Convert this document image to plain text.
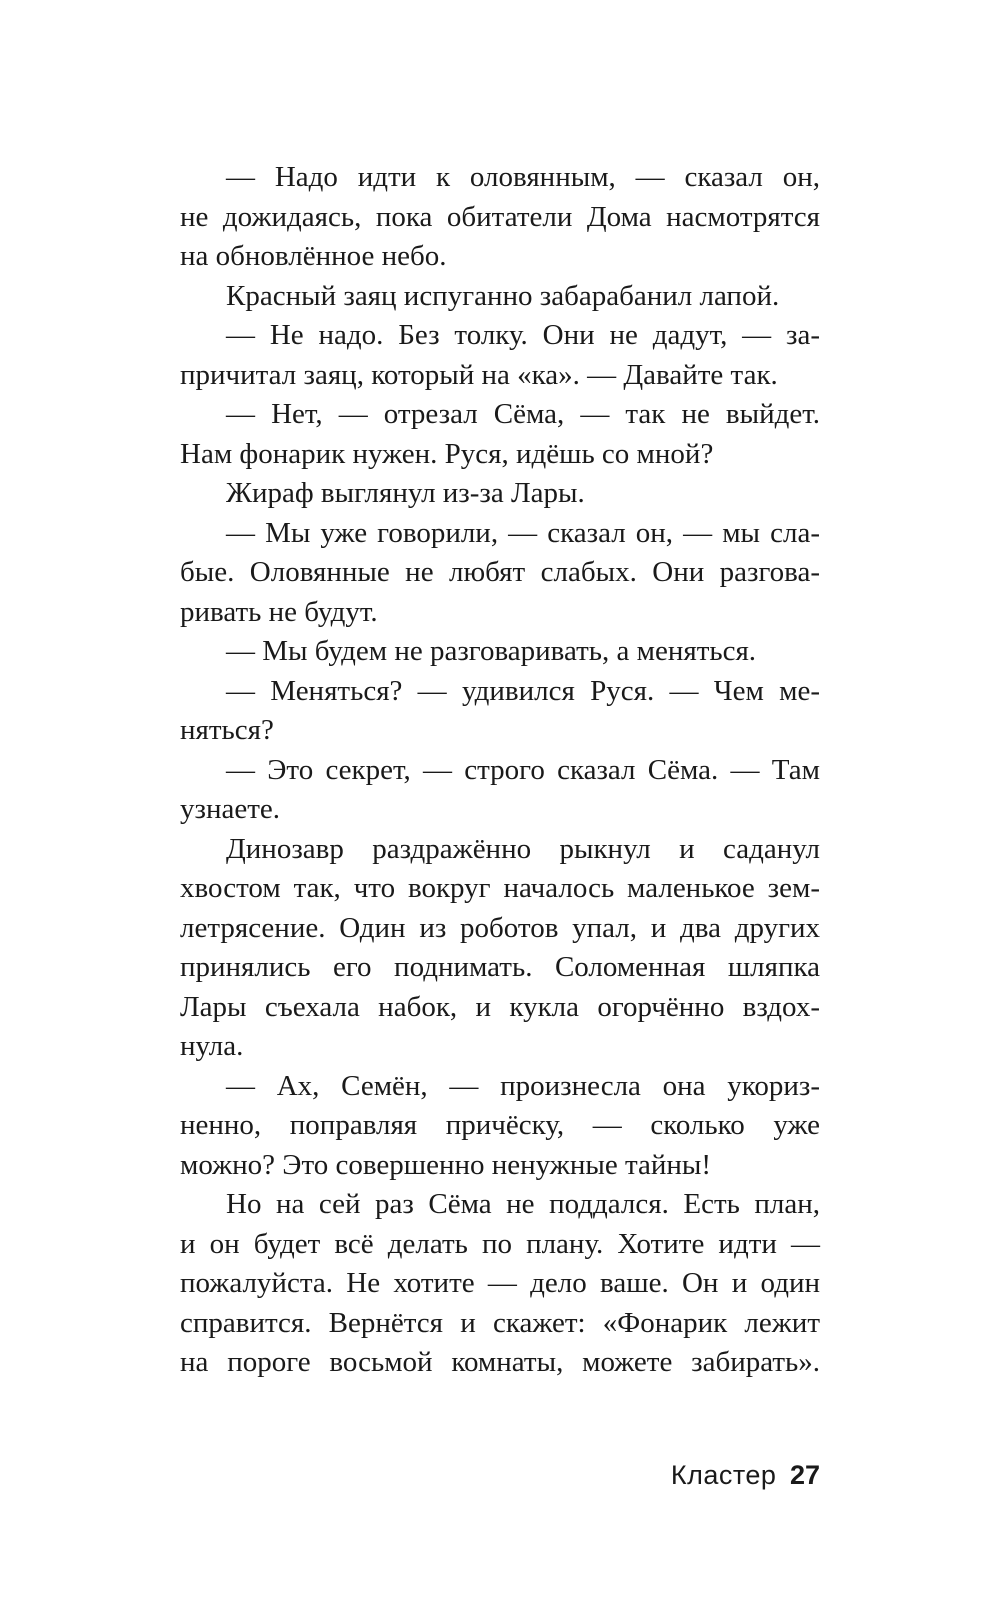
— Надо идти к оловянным, — сказал он,
не дожидаясь, пока обитатели Дома насмотрятся
на обновлённое небо.
Красный заяц испуганно забарабанил лапой.
— Не надо. Без толку. Они не дадут, — за-
причитал заяц, который на «ка». — Давайте так.
— Нет, — отрезал Сёма, — так не выйдет.
Нам фонарик нужен. Руся, идёшь со мной?
Жираф выглянул из-за Лары.
— Мы уже говорили, — сказал он, — мы сла-
бые. Оловянные не любят слабых. Они разгова-
ривать не будут.
— Мы будем не разговаривать, а меняться.
— Меняться? — удивился Руся. — Чем ме-
няться?
— Это секрет, — строго сказал Сёма. — Там
узнаете.
Динозавр раздражённо рыкнул и саданул
хвостом так, что вокруг началось маленькое зем-
летрясение. Один из роботов упал, и два других
принялись его поднимать. Соломенная шляпка
Лары съехала набок, и кукла огорчённо вздох-
нула.
— Ах, Семён, — произнесла она укориз-
ненно, поправляя причёску, — сколько уже
можно? Это совершенно ненужные тайны!
Но на сей раз Сёма не поддался. Есть план,
и он будет всё делать по плану. Хотите идти —
пожалуйста. Не хотите — дело ваше. Он и один
справится. Вернётся и скажет: «Фонарик лежит
на пороге восьмой комнаты, можете забирать».
Кластер 27
